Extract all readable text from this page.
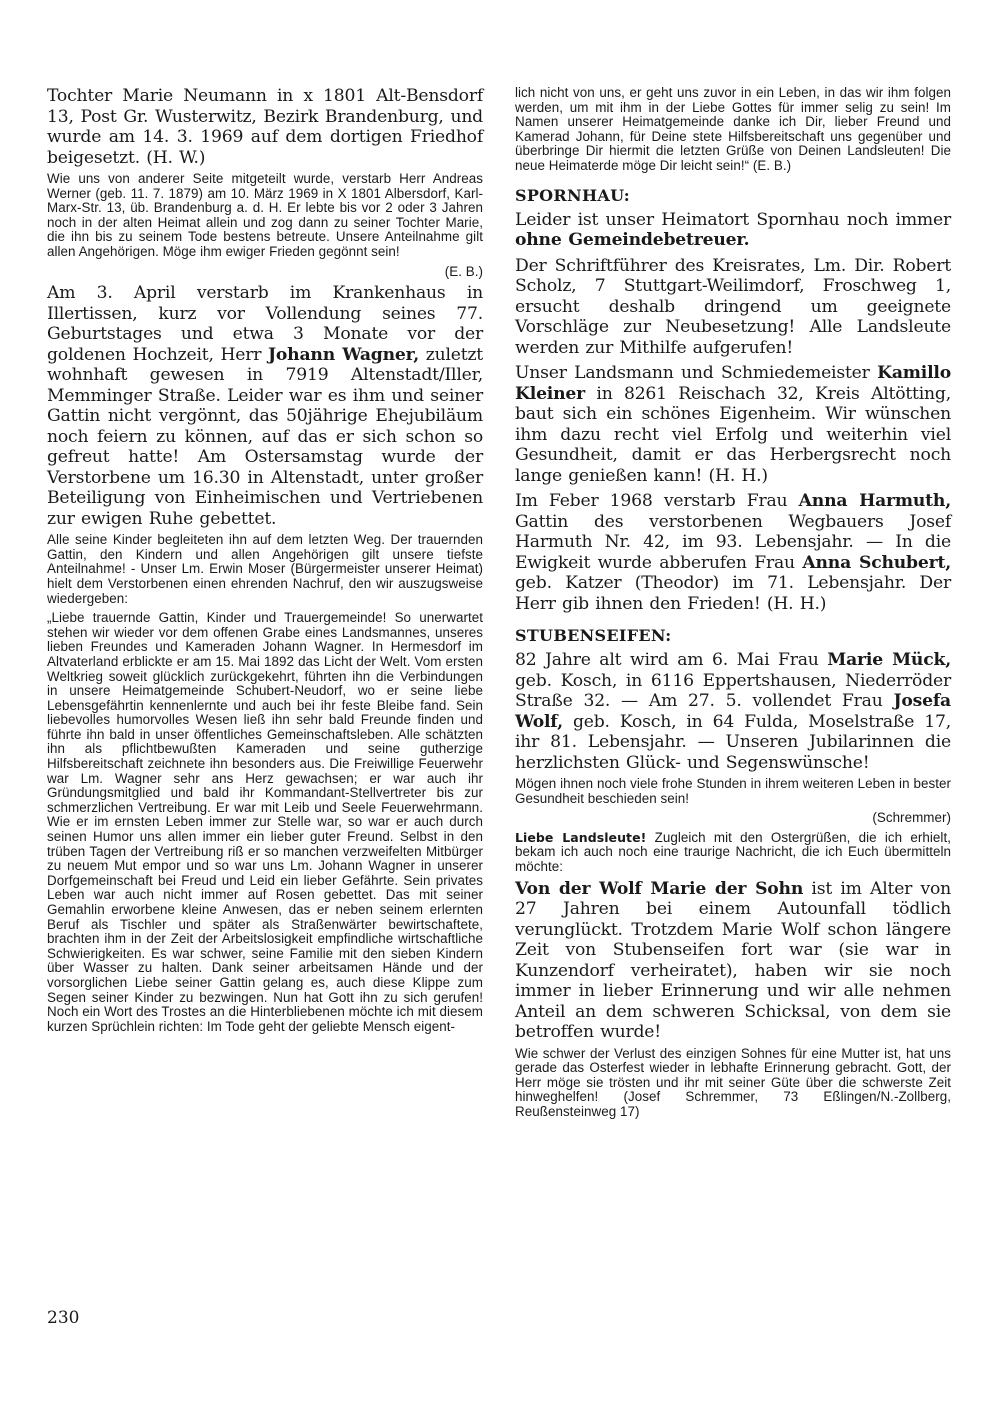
Tochter Marie Neumann in x 1801 Alt-Bensdorf 13, Post Gr. Wusterwitz, Bezirk Brandenburg, und wurde am 14. 3. 1969 auf dem dortigen Friedhof beigesetzt. (H. W.)

Wie uns von anderer Seite mitgeteilt wurde, verstarb Herr Andreas Werner (geb. 11. 7. 1879) am 10. März 1969 in X 1801 Albersdorf, Karl-Marx-Str. 13, üb. Brandenburg a. d. H. Er lebte bis vor 2 oder 3 Jahren noch in der alten Heimat allein und zog dann zu seiner Tochter Marie, die ihn bis zu seinem Tode bestens betreute. Unsere Anteilnahme gilt allen Angehörigen. Möge ihm ewiger Frieden gegönnt sein!

(E. B.)

Am 3. April verstarb im Krankenhaus in Illertissen, kurz vor Vollendung seines 77. Geburtstages und etwa 3 Monate vor der goldenen Hochzeit, Herr Johann Wagner, zuletzt wohnhaft gewesen in 7919 Altenstadt/Iller, Memminger Straße. Leider war es ihm und seiner Gattin nicht vergönnt, das 50jährige Ehejubiläum noch feiern zu können, auf das er sich schon so gefreut hatte! Am Ostersamstag wurde der Verstorbene um 16.30 in Altenstadt, unter großer Beteiligung von Einheimischen und Vertriebenen zur ewigen Ruhe gebettet.

Alle seine Kinder begleiteten ihn auf dem letzten Weg. Der trauernden Gattin, den Kindern und allen Angehörigen gilt unsere tiefste Anteilnahme! - Unser Lm. Erwin Moser (Bürgermeister unserer Heimat) hielt dem Verstorbenen einen ehrenden Nachruf, den wir auszugsweise wiedergeben:

„Liebe trauernde Gattin, Kinder und Trauergemeinde! So unerwartet stehen wir wieder vor dem offenen Grabe eines Landsmannes, unseres lieben Freundes und Kameraden Johann Wagner. In Hermesdorf im Altvaterland erblickte er am 15. Mai 1892 das Licht der Welt. Vom ersten Weltkrieg soweit glücklich zurückgekehrt, führten ihn die Verbindungen in unsere Heimatgemeinde Schubert-Neudorf, wo er seine liebe Lebensgefährtin kennenlernte und auch bei ihr feste Bleibe fand. Sein liebevolles humorvolles Wesen ließ ihn sehr bald Freunde finden und führte ihn bald in unser öffentliches Gemeinschaftsleben. Alle schätzten ihn als pflichtbewußten Kameraden und seine gutherzige Hilfsbereitschaft zeichnete ihn besonders aus. Die Freiwillige Feuerwehr war Lm. Wagner sehr ans Herz gewachsen; er war auch ihr Gründungsmitglied und bald ihr Kommandant-Stellvertreter bis zur schmerzlichen Vertreibung. Er war mit Leib und Seele Feuerwehrmann. Wie er im ernsten Leben immer zur Stelle war, so war er auch durch seinen Humor uns allen immer ein lieber guter Freund. Selbst in den trüben Tagen der Vertreibung riß er so manchen verzweifelten Mitbürger zu neuem Mut empor und so war uns Lm. Johann Wagner in unserer Dorfgemeinschaft bei Freud und Leid ein lieber Gefährte. Sein privates Leben war auch nicht immer auf Rosen gebettet. Das mit seiner Gemahlin erworbene kleine Anwesen, das er neben seinem erlernten Beruf als Tischler und später als Straßenwärter bewirtschaftete, brachten ihm in der Zeit der Arbeitslosigkeit empfindliche wirtschaftliche Schwierigkeiten. Es war schwer, seine Familie mit den sieben Kindern über Wasser zu halten. Dank seiner arbeitsamen Hände und der vorsorglichen Liebe seiner Gattin gelang es, auch diese Klippe zum Segen seiner Kinder zu bezwingen. Nun hat Gott ihn zu sich gerufen! Noch ein Wort des Trostes an die Hinterbliebenen möchte ich mit diesem kurzen Sprüchlein richten: Im Tode geht der geliebte Mensch eigent-

lich nicht von uns, er geht uns zuvor in ein Leben, in das wir ihm folgen werden, um mit ihm in der Liebe Gottes für immer selig zu sein! Im Namen unserer Heimatgemeinde danke ich Dir, lieber Freund und Kamerad Johann, für Deine stete Hilfsbereitschaft uns gegenüber und überbringe Dir hiermit die letzten Grüße von Deinen Landsleuten! Die neue Heimaterde möge Dir leicht sein!“ (E. B.)

SPORNHAU:

Leider ist unser Heimatort Spornhau noch immer ohne Gemeindebetreuer.

Der Schriftführer des Kreisrates, Lm. Dir. Robert Scholz, 7 Stuttgart-Weilimdorf, Froschweg 1, ersucht deshalb dringend um geeignete Vorschläge zur Neubesetzung! Alle Landsleute werden zur Mithilfe aufgerufen!

Unser Landsmann und Schmiedemeister Kamillo Kleiner in 8261 Reischach 32, Kreis Altötting, baut sich ein schönes Eigenheim. Wir wünschen ihm dazu recht viel Erfolg und weiterhin viel Gesundheit, damit er das Herbergsrecht noch lange genießen kann! (H. H.)

Im Feber 1968 verstarb Frau Anna Harmuth, Gattin des verstorbenen Wegbauers Josef Harmuth Nr. 42, im 93. Lebensjahr. — In die Ewigkeit wurde abberufen Frau Anna Schubert, geb. Katzer (Theodor) im 71. Lebensjahr. Der Herr gib ihnen den Frieden! (H. H.)

STUBENSEIFEN:

82 Jahre alt wird am 6. Mai Frau Marie Mück, geb. Kosch, in 6116 Eppertshausen, Niederröder Straße 32. — Am 27. 5. vollendet Frau Josefa Wolf, geb. Kosch, in 64 Fulda, Moselstraße 17, ihr 81. Lebensjahr. — Unseren Jubilarinnen die herzlichsten Glück- und Segenswünsche!

Mögen ihnen noch viele frohe Stunden in ihrem weiteren Leben in bester Gesundheit beschieden sein!

(Schremmer)

Liebe Landsleute! Zugleich mit den Ostergrüßen, die ich erhielt, bekam ich auch noch eine traurige Nachricht, die ich Euch übermitteln möchte:

Von der Wolf Marie der Sohn ist im Alter von 27 Jahren bei einem Autounfall tödlich verunglückt. Trotzdem Marie Wolf schon längere Zeit von Stubenseifen fort war (sie war in Kunzendorf verheiratet), haben wir sie noch immer in lieber Erinnerung und wir alle nehmen Anteil an dem schweren Schicksal, von dem sie betroffen wurde!

Wie schwer der Verlust des einzigen Sohnes für eine Mutter ist, hat uns gerade das Osterfest wieder in lebhafte Erinnerung gebracht. Gott, der Herr möge sie trösten und ihr mit seiner Güte über die schwerste Zeit hinweghelfen! (Josef Schremmer, 73 Eßlingen/N.-Zollberg, Reußensteinweg 17)

230
